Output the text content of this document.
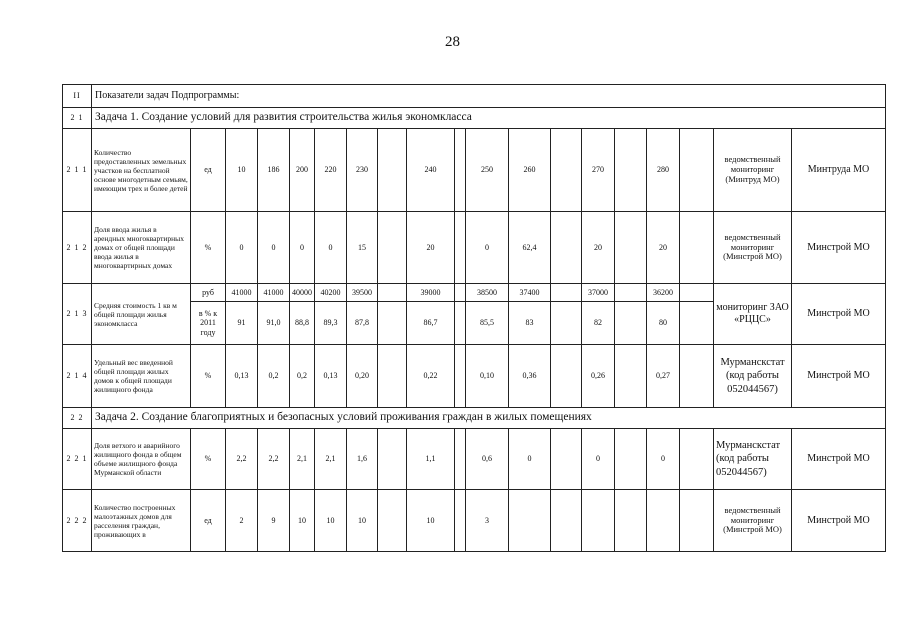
28
II	Показатели задач Подпрограммы:																		
2 1	Задача 1. Создание условий для развития строительства жилья экономкласса																		
2 1 1	Количество предоставленных земельных участков на бесплатной основе многодетным семьям, имеющим трех и более детей	ед	10	186	200	220	230		240		250	260		270		280		ведомственный мониторинг (Минтруд МО)	Минтруда МО
2 1 2	Доля ввода жилья в арендных многоквартирных домах от общей площади ввода жилья в многоквартирных домах	%	0	0	0	0	15		20		0	62,4		20		20		ведомственный мониторинг (Минстрой МО)	Минстрой МО
2 1 3	Средняя стоимость 1 кв м общей площади жилья экономкласса	руб	41000	41000	40000	40200	39500		39000		38500	37400		37000		36200		мониторинг ЗАО «РЦЦС»	Минстрой МО
		в % к 2011 году	91	91,0	88,8	89,3	87,8		86,7		85,5	83		82		80			
2 1 4	Удельный вес введенной общей площади жилых домов к общей площади жилищного фонда	%	0,13	0,2	0,2	0,13	0,20		0,22		0,10	0,36		0,26		0,27		Мурманскстат (код работы 052044567)	Минстрой МО
2 2	Задача 2. Создание благоприятных и безопасных условий проживания граждан в жилых помещениях																		
2 2 1	Доля ветхого и аварийного жилищного фонда в общем объеме жилищного фонда Мурманской области	%	2,2	2,2	2,1	2,1	1,6		1,1		0,6	0		0		0		Мурманскстат (код работы 052044567)	Минстрой МО
2 2 2	Количество построенных малоэтажных домов для расселения граждан, проживающих в	ед	2	9	10	10	10		10		3							ведомственный мониторинг (Минстрой МО)	Минстрой МО
